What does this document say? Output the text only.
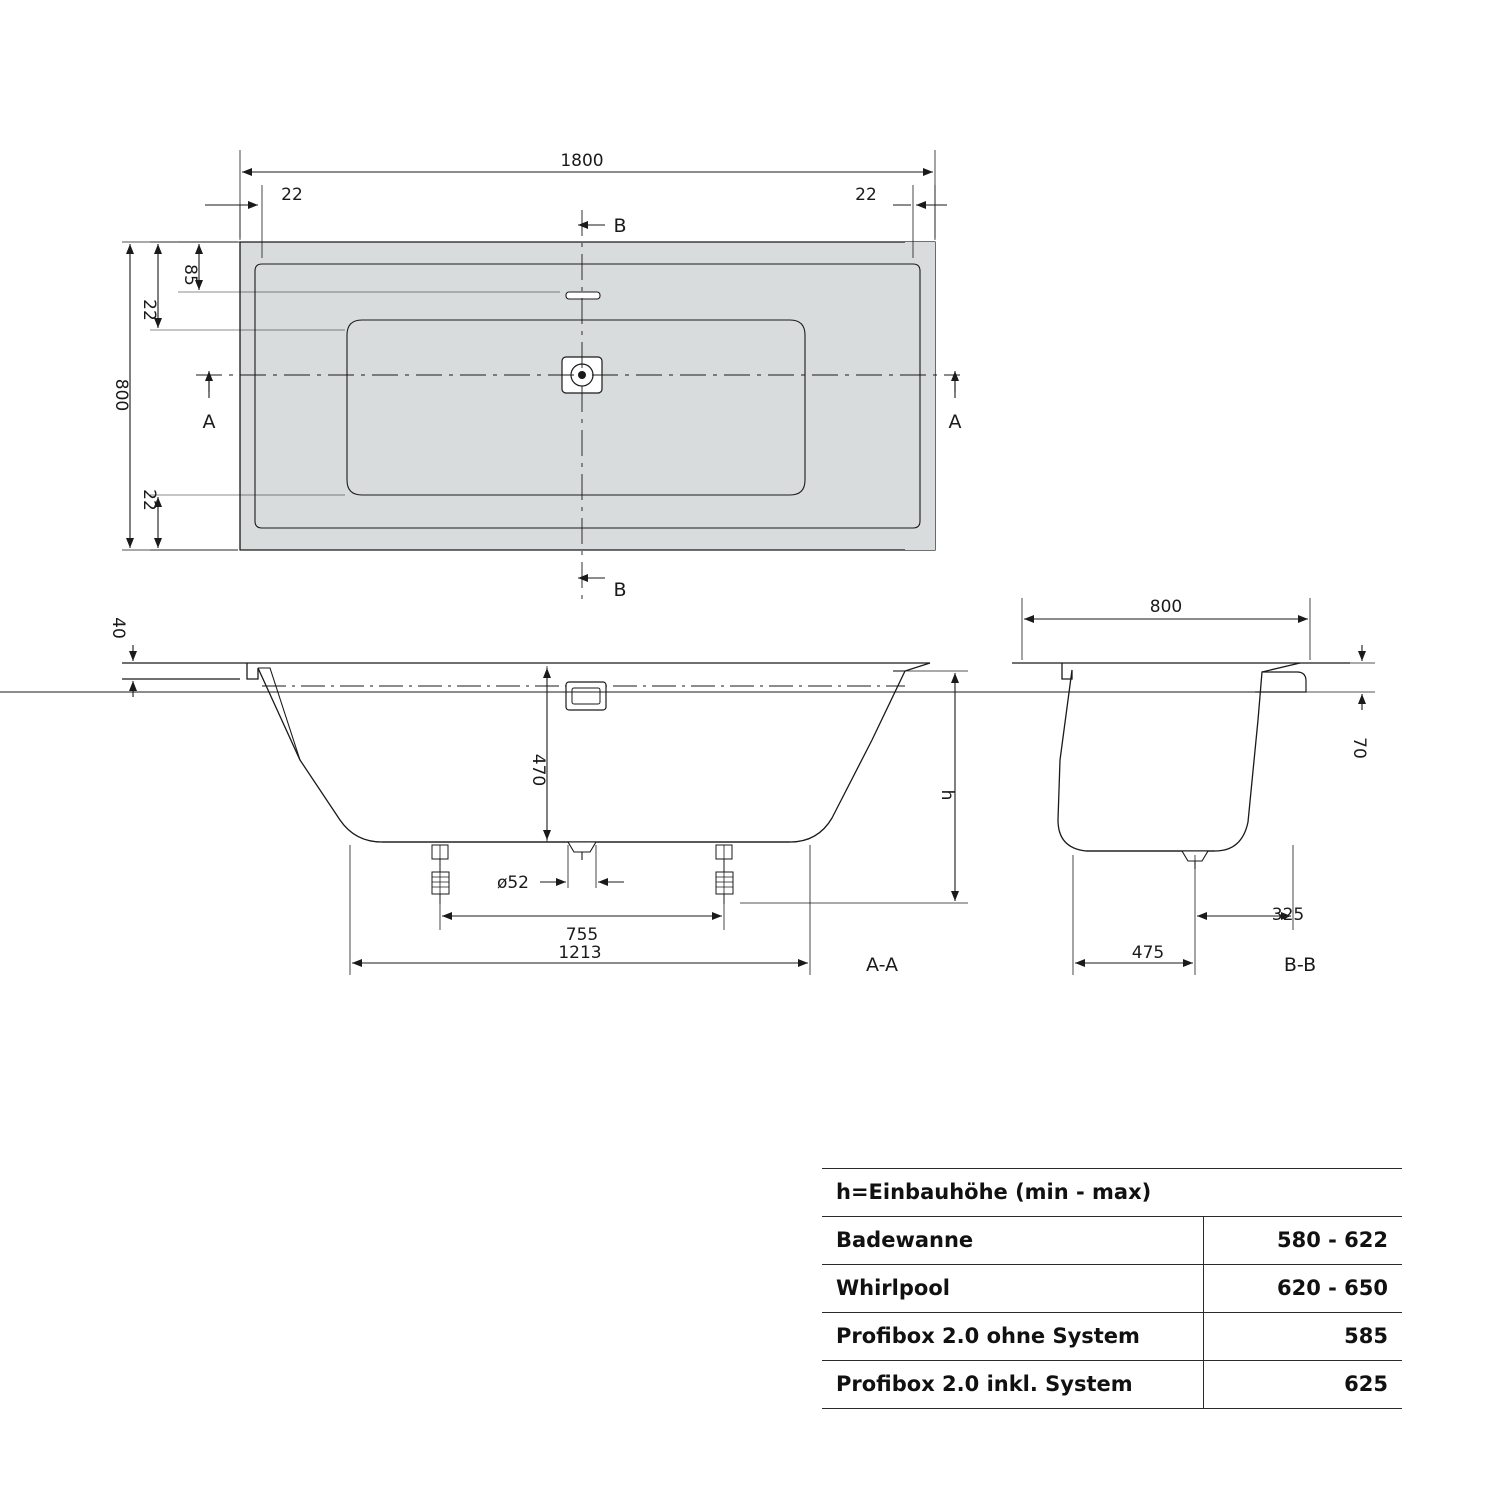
1800
22	22
800
22
85
22
B
B
A	A
40
470
h
ø52
755
1213
A-A
800
70
325
475
B-B
h=Einbauhöhe (min - max)	
Badewanne	580 - 622
Whirlpool	620 - 650
Profibox 2.0 ohne System	585
Profibox 2.0 inkl. System	625
